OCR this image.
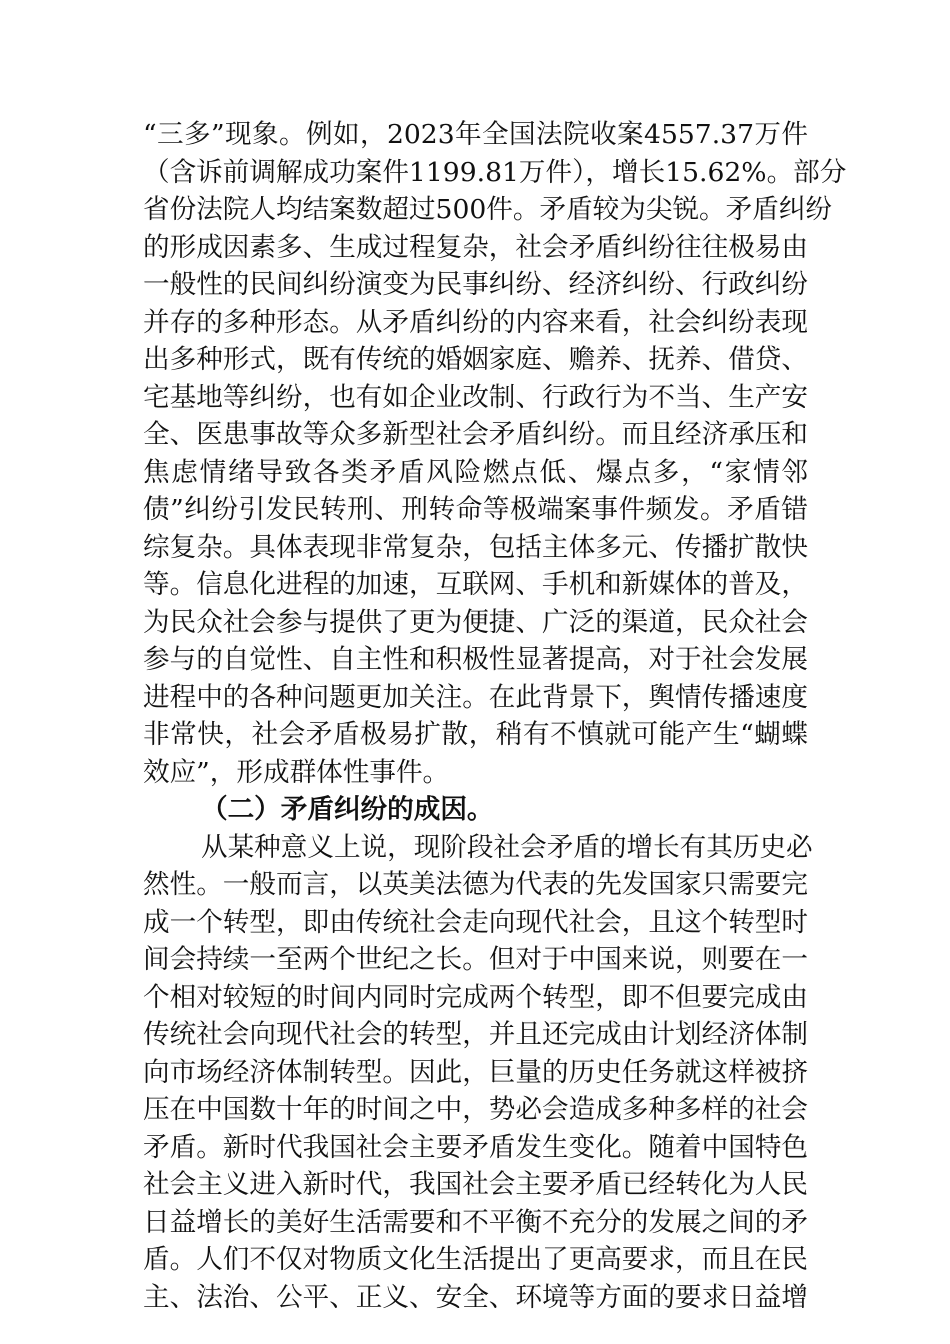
“三多”现象。例如，2023年全国法院收案4557.37万件
（含诉前调解成功案件1199.81万件），增长15.62%。部分
省份法院人均结案数超过500件。矛盾较为尖锐。矛盾纠纷
的形成因素多、生成过程复杂，社会矛盾纠纷往往极易由
一般性的民间纠纷演变为民事纠纷、经济纠纷、行政纠纷
并存的多种形态。从矛盾纠纷的内容来看，社会纠纷表现
出多种形式，既有传统的婚姻家庭、赡养、抚养、借贷、
宅基地等纠纷，也有如企业改制、行政行为不当、生产安
全、医患事故等众多新型社会矛盾纠纷。而且经济承压和
焦虑情绪导致各类矛盾风险燃点低、爆点多，“家情邻
债”纠纷引发民转刑、刑转命等极端案事件频发。矛盾错
综复杂。具体表现非常复杂，包括主体多元、传播扩散快
等。信息化进程的加速，互联网、手机和新媒体的普及，
为民众社会参与提供了更为便捷、广泛的渠道，民众社会
参与的自觉性、自主性和积极性显著提高，对于社会发展
进程中的各种问题更加关注。在此背景下，舆情传播速度
非常快，社会矛盾极易扩散，稍有不慎就可能产生“蝴蝶
效应”，形成群体性事件。
（二）矛盾纠纷的成因。
从某种意义上说，现阶段社会矛盾的增长有其历史必
然性。一般而言，以英美法德为代表的先发国家只需要完
成一个转型，即由传统社会走向现代社会，且这个转型时
间会持续一至两个世纪之长。但对于中国来说，则要在一
个相对较短的时间内同时完成两个转型，即不但要完成由
传统社会向现代社会的转型，并且还完成由计划经济体制
向市场经济体制转型。因此，巨量的历史任务就这样被挤
压在中国数十年的时间之中，势必会造成多种多样的社会
矛盾。新时代我国社会主要矛盾发生变化。随着中国特色
社会主义进入新时代，我国社会主要矛盾已经转化为人民
日益增长的美好生活需要和不平衡不充分的发展之间的矛
盾。人们不仅对物质文化生活提出了更高要求，而且在民
主、法治、公平、正义、安全、环境等方面的要求日益增
